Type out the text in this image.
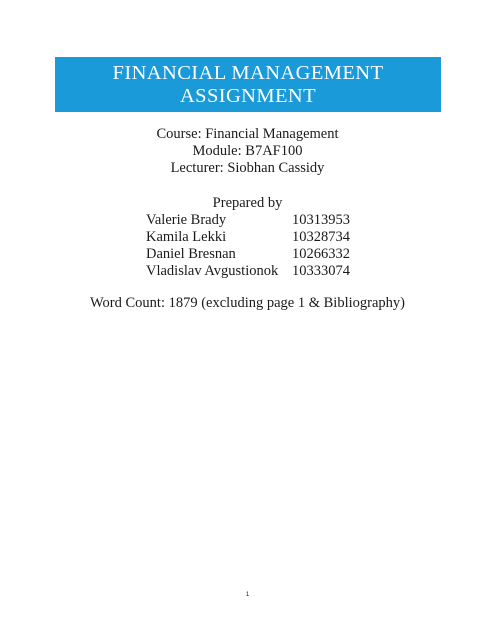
FINANCIAL MANAGEMENT
ASSIGNMENT
Course: Financial Management
Module: B7AF100
Lecturer: Siobhan Cassidy
Prepared by
Valerie Brady	10313953
Kamila Lekki	10328734
Daniel Bresnan	10266332
Vladislav Avgustionok 10333074
Word Count: 1879 (excluding page 1 & Bibliography)
1
